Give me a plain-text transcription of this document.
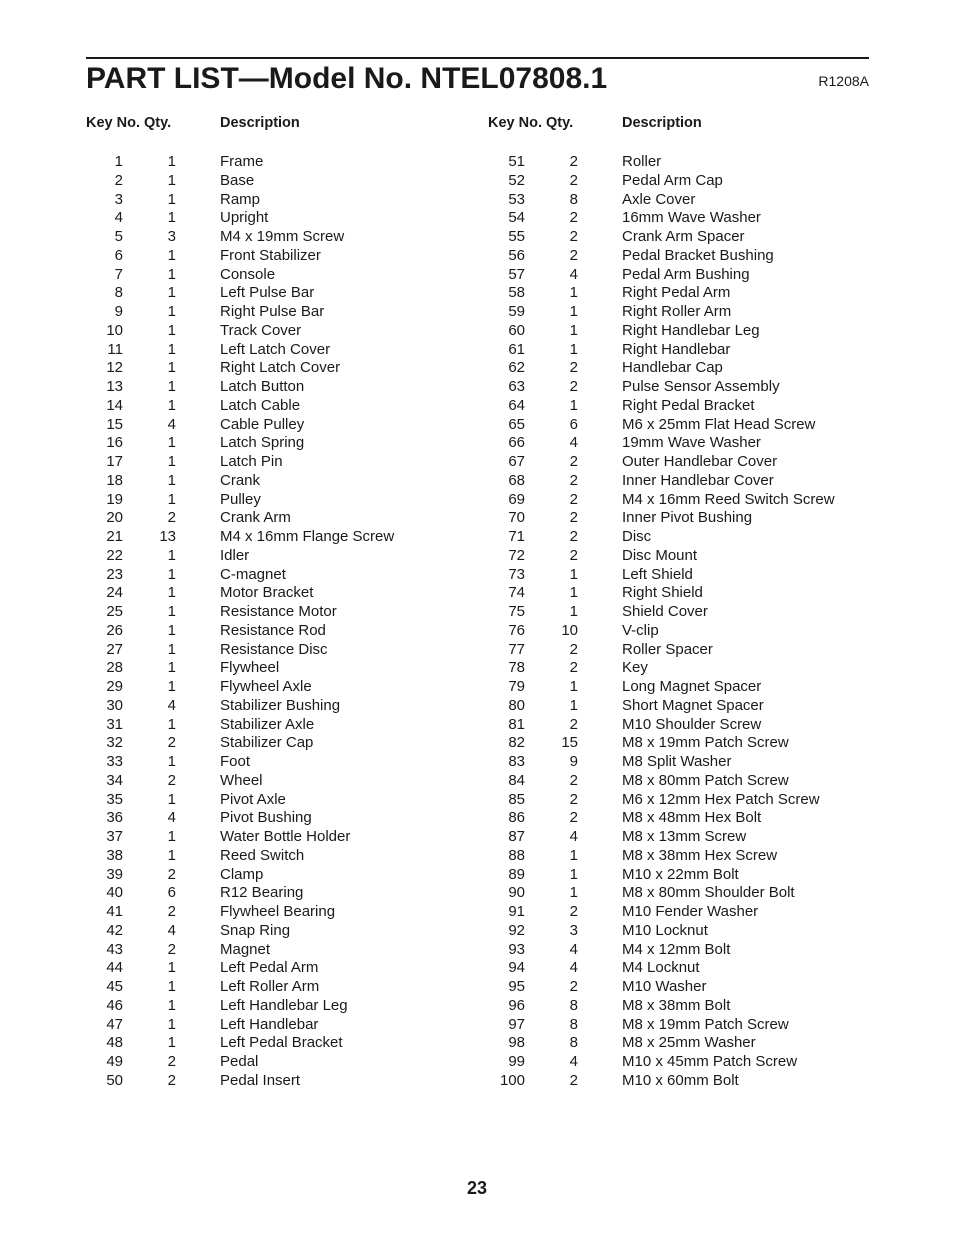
PART LIST—Model No. NTEL07808.1	R1208A
Key No. Qty.	Description
1	1	Frame
2	1	Base
3	1	Ramp
4	1	Upright
5	3	M4 x 19mm Screw
6	1	Front Stabilizer
7	1	Console
8	1	Left Pulse Bar
9	1	Right Pulse Bar
10	1	Track Cover
11	1	Left Latch Cover
12	1	Right Latch Cover
13	1	Latch Button
14	1	Latch Cable
15	4	Cable Pulley
16	1	Latch Spring
17	1	Latch Pin
18	1	Crank
19	1	Pulley
20	2	Crank Arm
21	13	M4 x 16mm Flange Screw
22	1	Idler
23	1	C-magnet
24	1	Motor Bracket
25	1	Resistance Motor
26	1	Resistance Rod
27	1	Resistance Disc
28	1	Flywheel
29	1	Flywheel Axle
30	4	Stabilizer Bushing
31	1	Stabilizer Axle
32	2	Stabilizer Cap
33	1	Foot
34	2	Wheel
35	1	Pivot Axle
36	4	Pivot Bushing
37	1	Water Bottle Holder
38	1	Reed Switch
39	2	Clamp
40	6	R12 Bearing
41	2	Flywheel Bearing
42	4	Snap Ring
43	2	Magnet
44	1	Left Pedal Arm
45	1	Left Roller Arm
46	1	Left Handlebar Leg
47	1	Left Handlebar
48	1	Left Pedal Bracket
49	2	Pedal
50	2	Pedal Insert
Key No. Qty.	Description
51	2	Roller
52	2	Pedal Arm Cap
53	8	Axle Cover
54	2	16mm Wave Washer
55	2	Crank Arm Spacer
56	2	Pedal Bracket Bushing
57	4	Pedal Arm Bushing
58	1	Right Pedal Arm
59	1	Right Roller Arm
60	1	Right Handlebar Leg
61	1	Right Handlebar
62	2	Handlebar Cap
63	2	Pulse Sensor Assembly
64	1	Right Pedal Bracket
65	6	M6 x 25mm Flat Head Screw
66	4	19mm Wave Washer
67	2	Outer Handlebar Cover
68	2	Inner Handlebar Cover
69	2	M4 x 16mm Reed Switch Screw
70	2	Inner Pivot Bushing
71	2	Disc
72	2	Disc Mount
73	1	Left Shield
74	1	Right Shield
75	1	Shield Cover
76	10	V-clip
77	2	Roller Spacer
78	2	Key
79	1	Long Magnet Spacer
80	1	Short Magnet Spacer
81	2	M10 Shoulder Screw
82	15	M8 x 19mm Patch Screw
83	9	M8 Split Washer
84	2	M8 x 80mm Patch Screw
85	2	M6 x 12mm Hex Patch Screw
86	2	M8 x 48mm Hex Bolt
87	4	M8 x 13mm Screw
88	1	M8 x 38mm Hex Screw
89	1	M10 x 22mm Bolt
90	1	M8 x 80mm Shoulder Bolt
91	2	M10 Fender Washer
92	3	M10 Locknut
93	4	M4 x 12mm Bolt
94	4	M4 Locknut
95	2	M10 Washer
96	8	M8 x 38mm Bolt
97	8	M8 x 19mm Patch Screw
98	8	M8 x 25mm Washer
99	4	M10 x 45mm Patch Screw
100	2	M10 x 60mm Bolt
23
